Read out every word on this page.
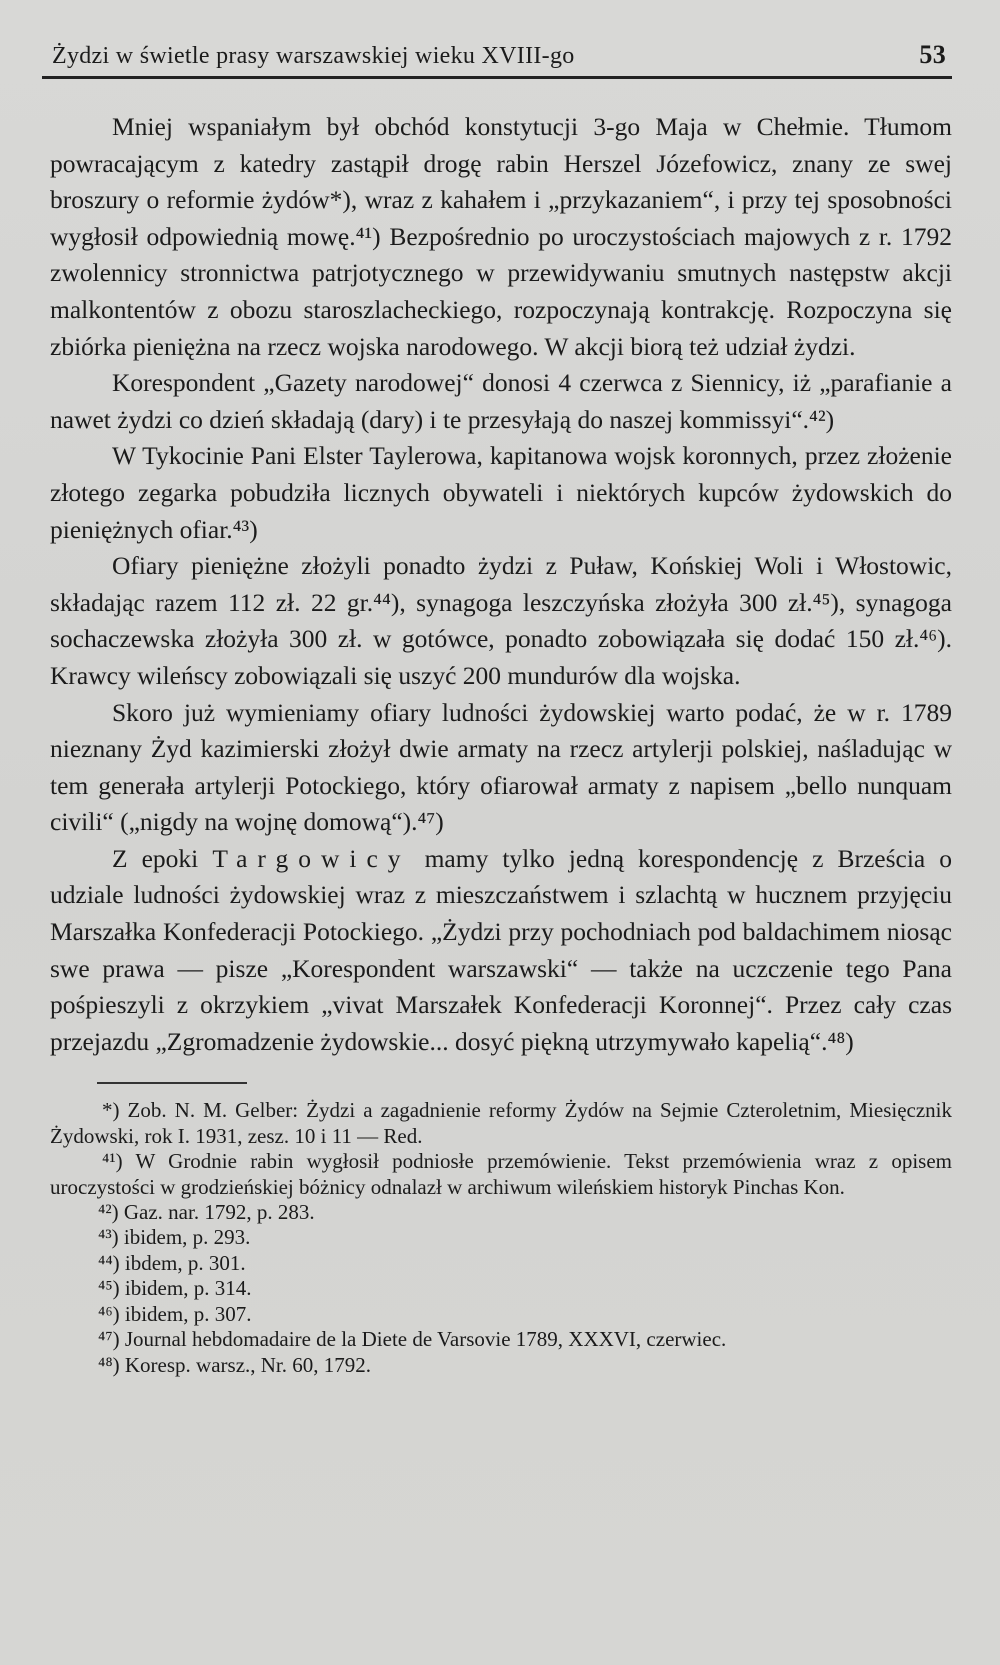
Żydzi w świetle prasy warszawskiej wieku XVIII-go	53

Mniej wspaniałym był obchód konstytucji 3-go Maja w Chełmie. Tłumom powracającym z katedry zastąpił drogę rabin Herszel Józefowicz, znany ze swej broszury o reformie żydów*), wraz z kahałem i „przykazaniem“, i przy tej sposobności wygłosił odpowiednią mowę.⁴¹) Bezpośrednio po uroczystościach majowych z r. 1792 zwolennicy stronnictwa patrjotycznego w przewidywaniu smutnych następstw akcji malkontentów z obozu staroszlacheckiego, rozpoczynają kontrakcję. Rozpoczyna się zbiórka pieniężna na rzecz wojska narodowego. W akcji biorą też udział żydzi.

Korespondent „Gazety narodowej“ donosi 4 czerwca z Siennicy, iż „parafianie a nawet żydzi co dzień składają (dary) i te przesyłają do naszej kommissyi“.⁴²)

W Tykocinie Pani Elster Taylerowa, kapitanowa wojsk koronnych, przez złożenie złotego zegarka pobudziła licznych obywateli i niektórych kupców żydowskich do pieniężnych ofiar.⁴³)

Ofiary pieniężne złożyli ponadto żydzi z Puław, Końskiej Woli i Włostowic, składając razem 112 zł. 22 gr.⁴⁴), synagoga leszczyńska złożyła 300 zł.⁴⁵), synagoga sochaczewska złożyła 300 zł. w gotówce, ponadto zobowiązała się dodać 150 zł.⁴⁶). Krawcy wileńscy zobowiązali się uszyć 200 mundurów dla wojska.

Skoro już wymieniamy ofiary ludności żydowskiej warto podać, że w r. 1789 nieznany Żyd kazimierski złożył dwie armaty na rzecz artylerji polskiej, naśladując w tem generała artylerji Potockiego, który ofiarował armaty z napisem „bello nunquam civili“ („nigdy na wojnę domową“).⁴⁷)

Z epoki Targowicy mamy tylko jedną korespondencję z Brześcia o udziale ludności żydowskiej wraz z mieszczaństwem i szlachtą w hucznem przyjęciu Marszałka Konfederacji Potockiego. „Żydzi przy pochodniach pod baldachimem niosąc swe prawa — pisze „Korespondent warszawski“ — także na uczczenie tego Pana pośpieszyli z okrzykiem „vivat Marszałek Konfederacji Koronnej“. Przez cały czas przejazdu „Zgromadzenie żydowskie... dosyć piękną utrzymywało kapelią“.⁴⁸)

*) Zob. N. M. Gelber: Żydzi a zagadnienie reformy Żydów na Sejmie Czteroletnim, Miesięcznik Żydowski, rok I. 1931, zesz. 10 i 11 — Red.

⁴¹) W Grodnie rabin wygłosił podniosłe przemówienie. Tekst przemówienia wraz z opisem uroczystości w grodzieńskiej bóżnicy odnalazł w archiwum wileńskiem historyk Pinchas Kon.

⁴²) Gaz. nar. 1792, p. 283.
⁴³) ibidem, p. 293.
⁴⁴) ibdem, p. 301.
⁴⁵) ibidem, p. 314.
⁴⁶) ibidem, p. 307.
⁴⁷) Journal hebdomadaire de la Diete de Varsovie 1789, XXXVI, czerwiec.
⁴⁸) Koresp. warsz., Nr. 60, 1792.
